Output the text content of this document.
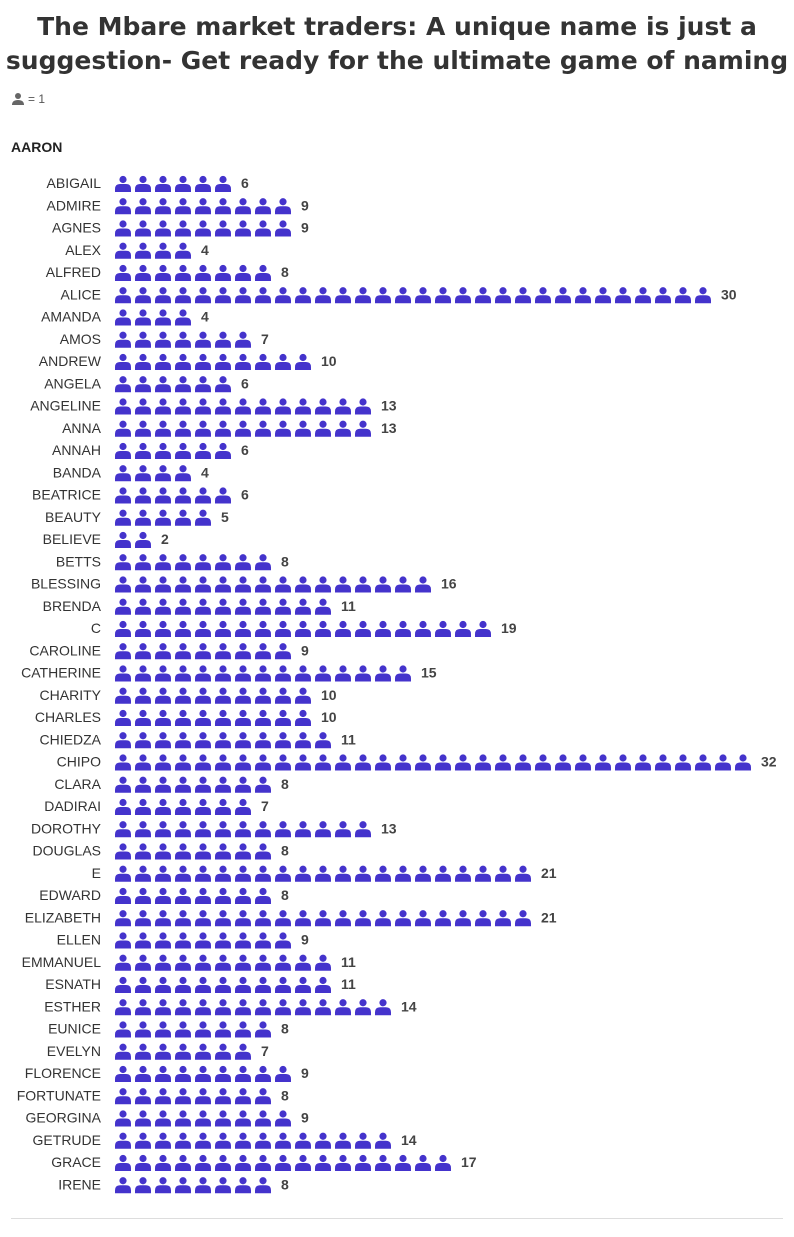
The Mbare market traders: A unique name is just a
suggestion- Get ready for the ultimate game of naming
= 1
AARON
ABIGAIL	6
ADMIRE	9
AGNES	9
ALEX	4
ALFRED	8
ALICE	30
AMANDA	4
AMOS	7
ANDREW	10
ANGELA	6
ANGELINE	13
ANNA	13
ANNAH	6
BANDA	4
BEATRICE	6
BEAUTY	5
BELIEVE	2
BETTS	8
BLESSING	16
BRENDA	11
C	19
CAROLINE	9
CATHERINE	15
CHARITY	10
CHARLES	10
CHIEDZA	11
CHIPO	32
CLARA	8
DADIRAI	7
DOROTHY	13
DOUGLAS	8
E	21
EDWARD	8
ELIZABETH	21
ELLEN	9
EMMANUEL	11
ESNATH	11
ESTHER	14
EUNICE	8
EVELYN	7
FLORENCE	9
FORTUNATE	8
GEORGINA	9
GETRUDE	14
GRACE	17
IRENE	8
